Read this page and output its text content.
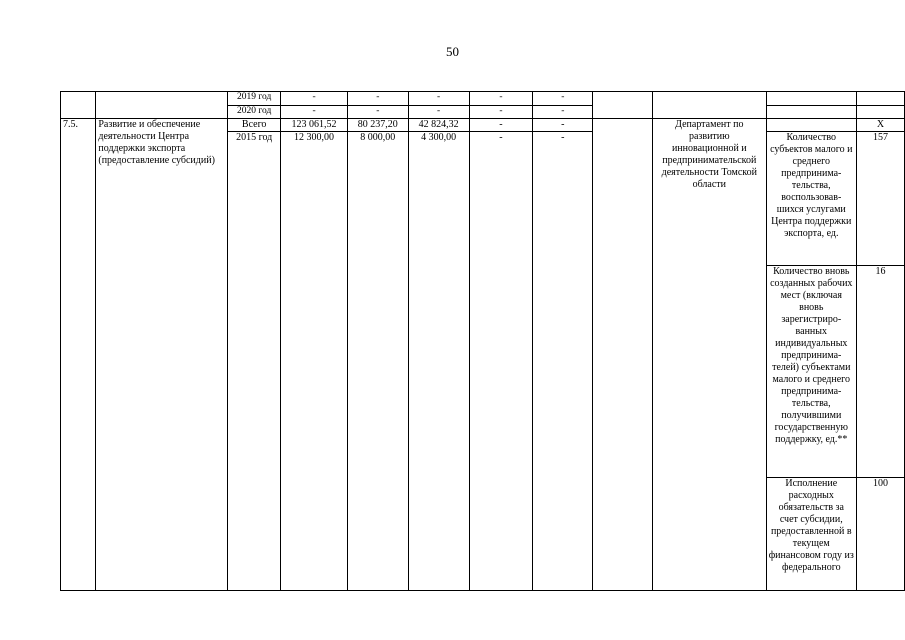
50
		2019 год	-	-	-	-	-				
		2020 год	-	-	-	-	-				
7.5.	Развитие и обеспечение деятельности Центра поддержки экспорта (предоставление субсидий)	Всего	123 061,52	80 237,20	42 824,32	-	-		Департамент по развитию инновационной и предпринимательской деятельности Томской области		X
		2015 год	12 300,00	8 000,00	4 300,00	-	-			Количество субъектов малого и среднего предпринима-тельства, воспользовав-шихся услугами Центра поддержки экспорта, ед.	157
										Количество вновь созданных рабочих мест (включая вновь зарегистриро-ванных индивидуальных предпринима-телей) субъектами малого и среднего предпринима-тельства, получившими государственную поддержку, ед.**	16
										Исполнение расходных обязательств за счет субсидии, предоставленной в текущем финансовом году из федерального	100
